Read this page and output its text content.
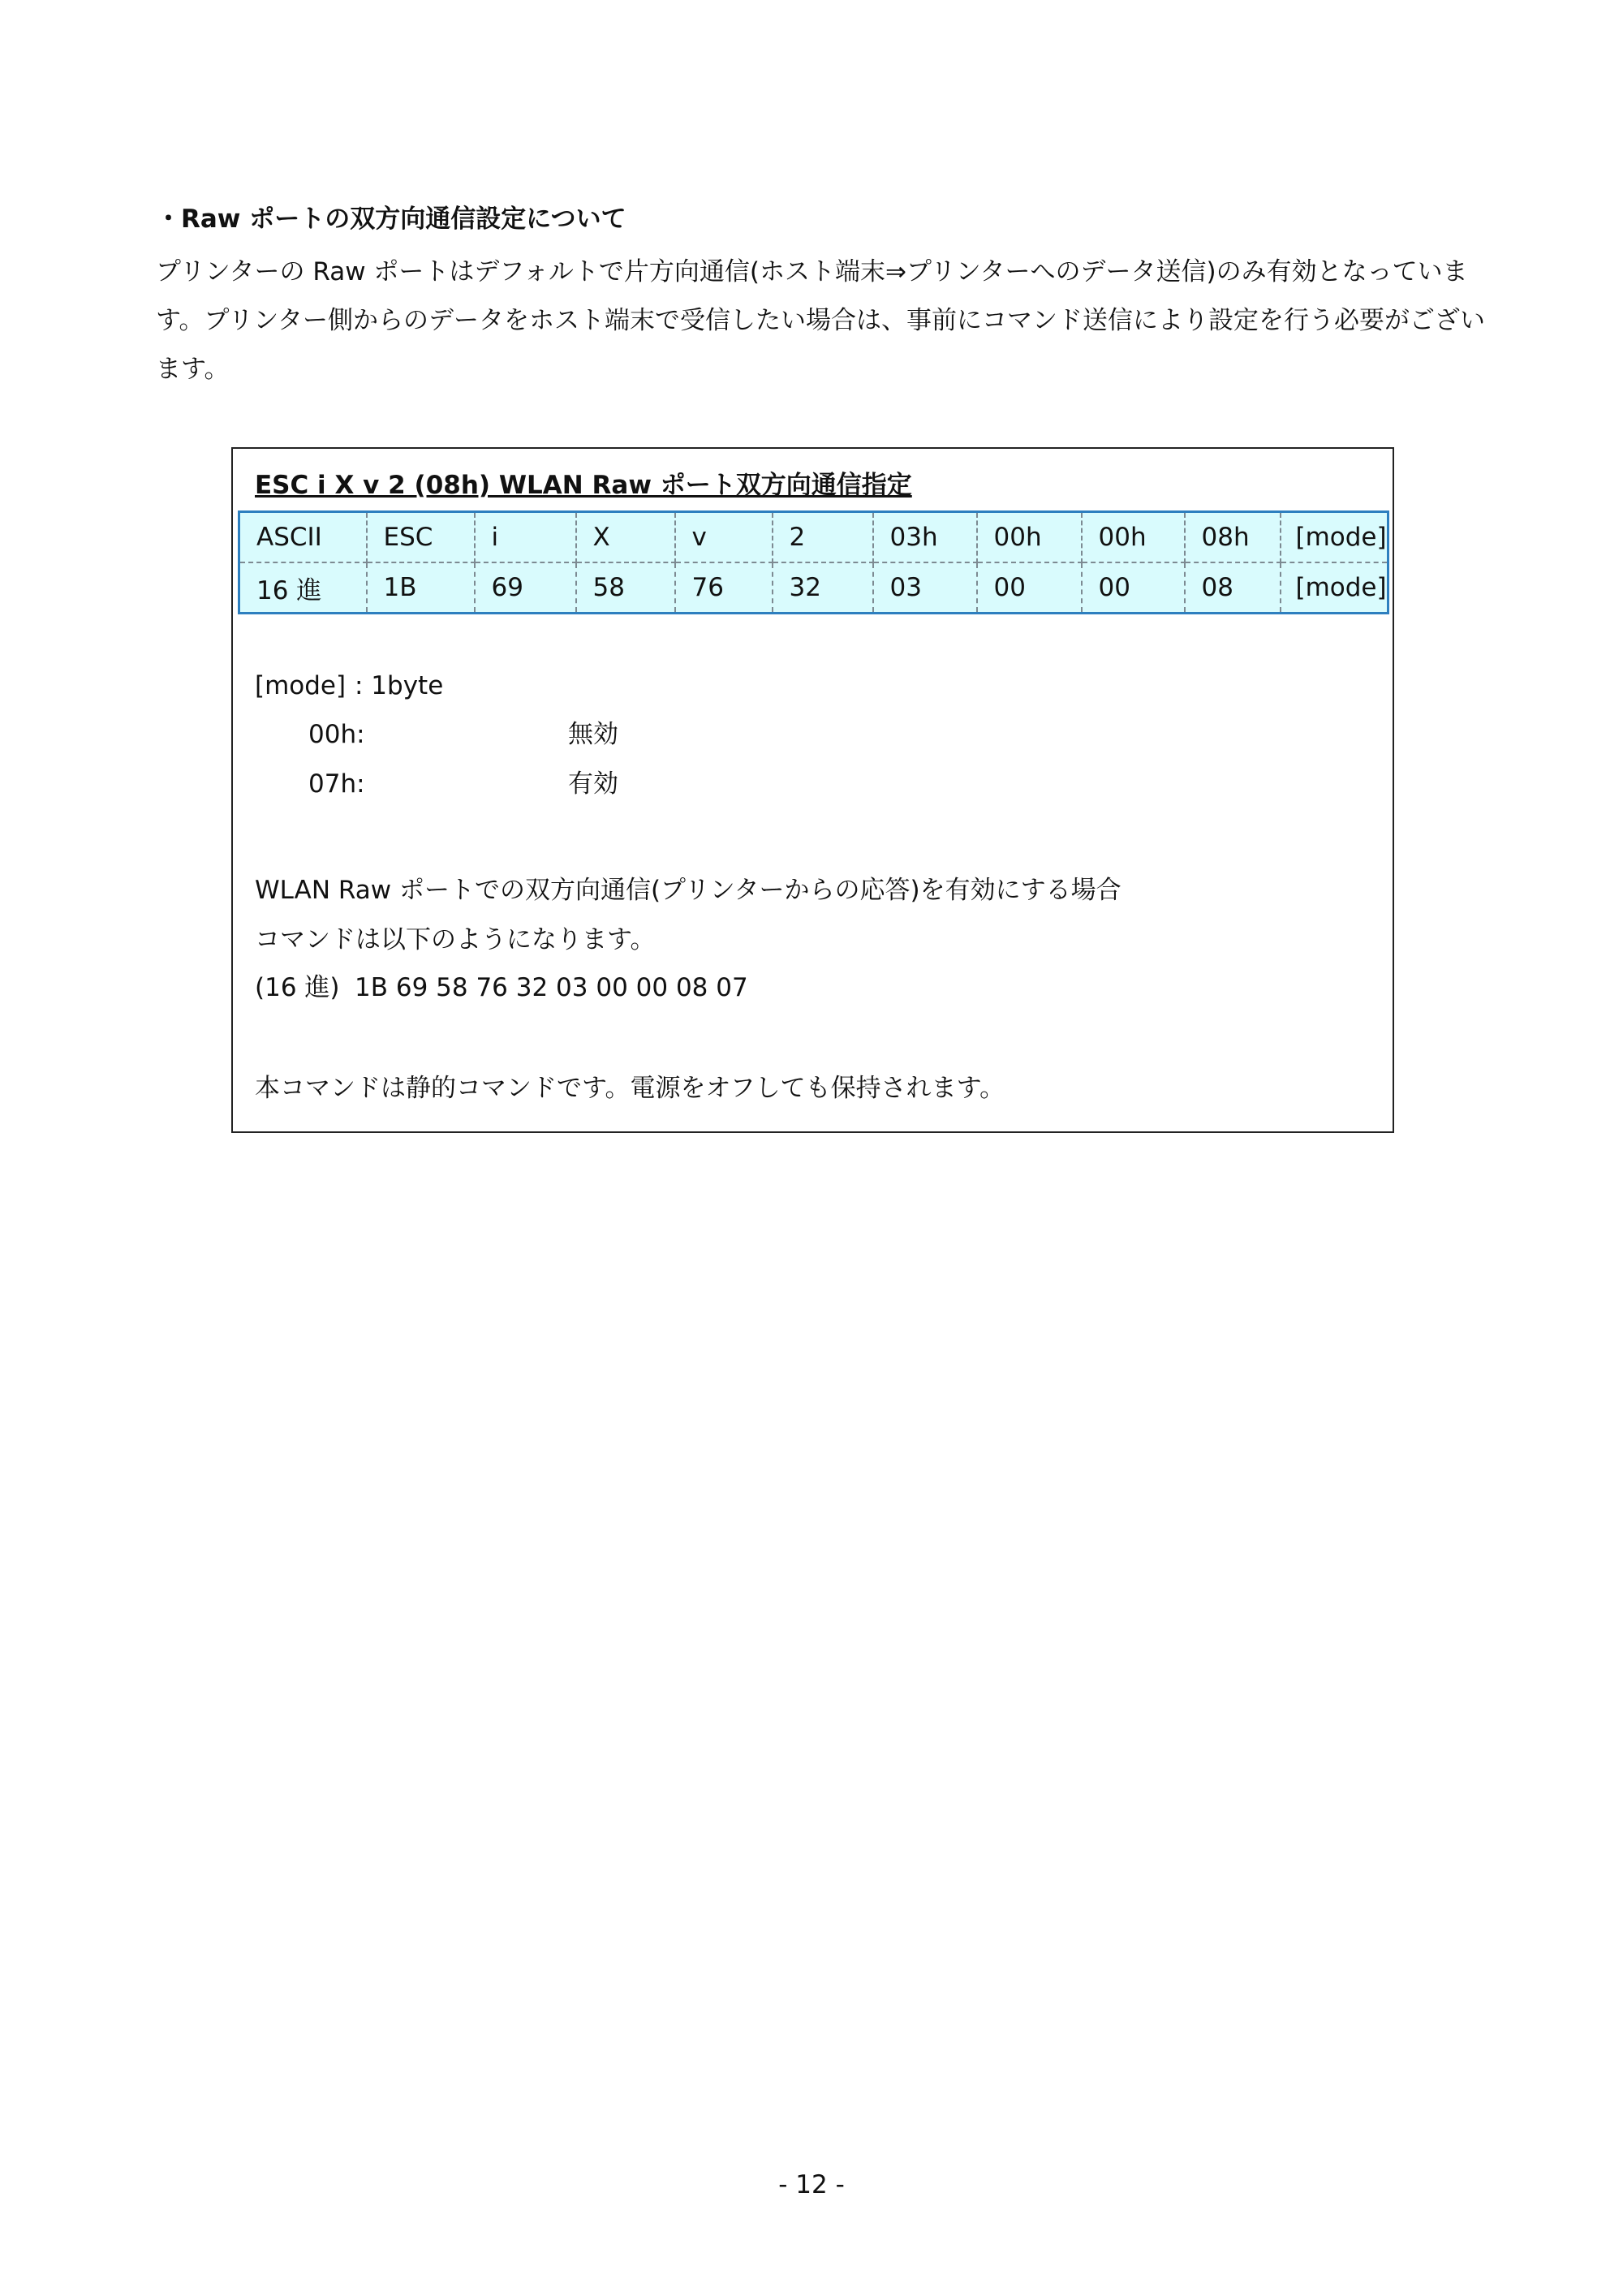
・Raw ポートの双方向通信設定について

プリンターの Raw ポートはデフォルトで片方向通信(ホスト端末⇒プリンターへのデータ送信)のみ有効となっています。プリンター側からのデータをホスト端末で受信したい場合は、事前にコマンド送信により設定を行う必要がございます。

ESC i X v 2 (08h) WLAN Raw ポート双方向通信指定
ASCII	ESC	i	X	v	2	03h	00h	00h	08h	[mode]
16 進	1B	69	58	76	32	03	00	00	08	[mode]
[mode] : 1byte
00h:	無効
07h:	有効
WLAN Raw ポートでの双方向通信(プリンターからの応答)を有効にする場合
コマンドは以下のようになります。
(16 進) 1B 69 58 76 32 03 00 00 08 07
本コマンドは静的コマンドです。電源をオフしても保持されます。
- 12 -
